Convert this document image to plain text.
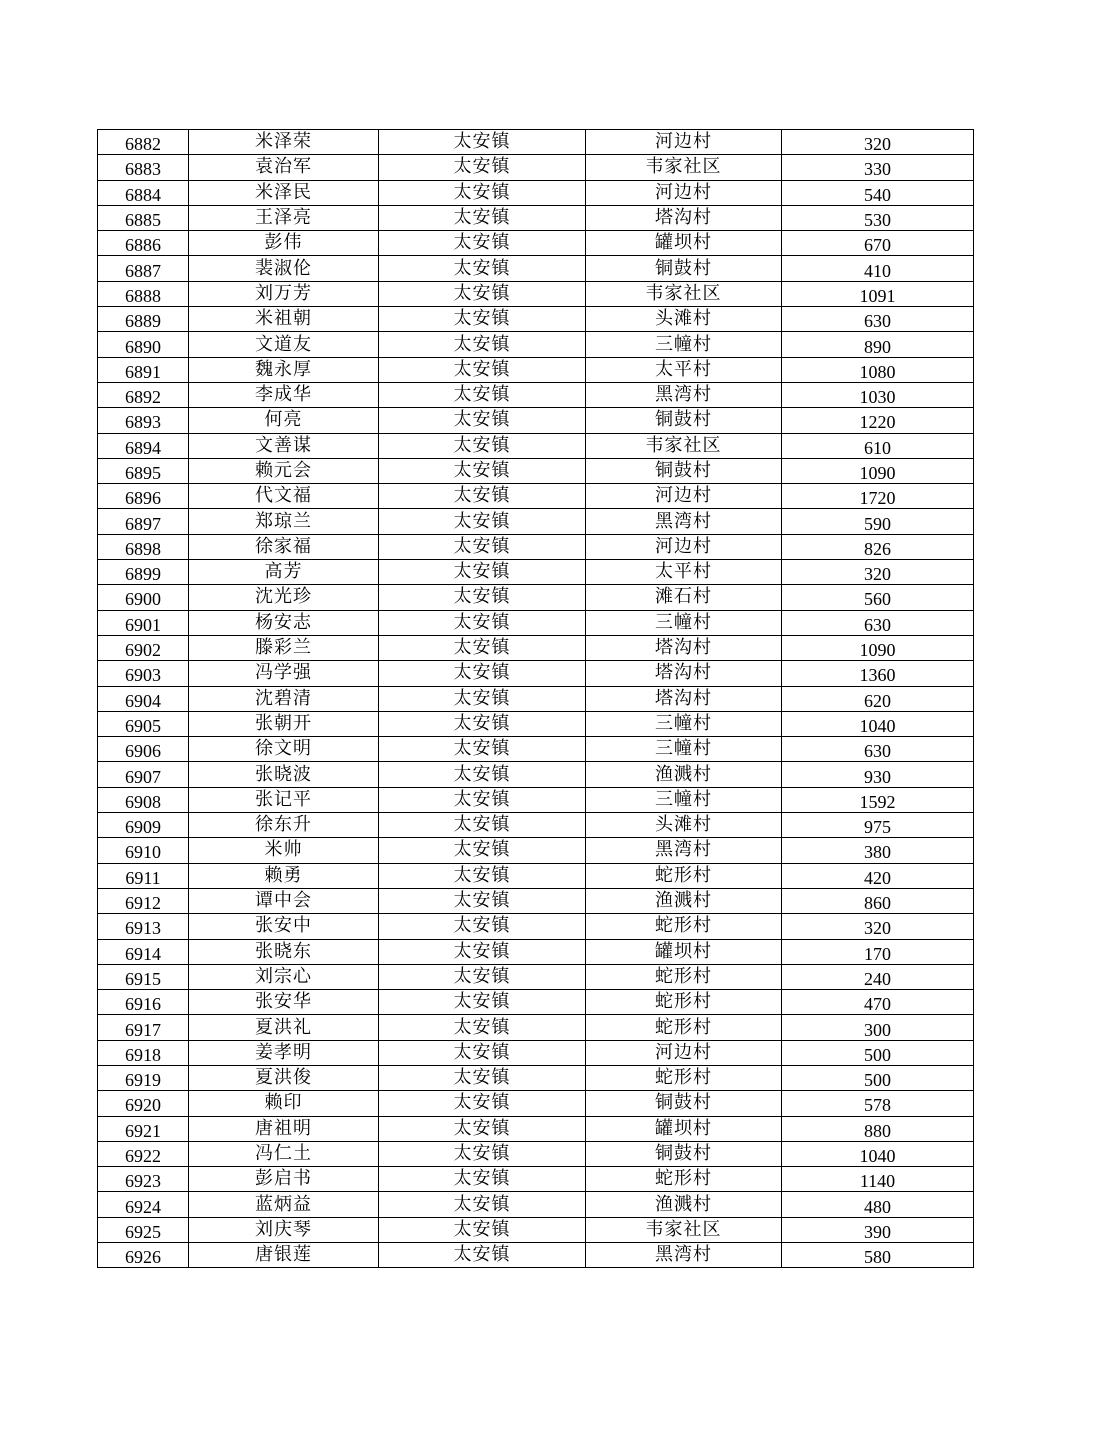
6882	米泽荣	太安镇	河边村	320
6883	袁治军	太安镇	韦家社区	330
6884	米泽民	太安镇	河边村	540
6885	王泽亮	太安镇	塔沟村	530
6886	彭伟	太安镇	罐坝村	670
6887	裴淑伦	太安镇	铜鼓村	410
6888	刘万芳	太安镇	韦家社区	1091
6889	米祖朝	太安镇	头滩村	630
6890	文道友	太安镇	三幢村	890
6891	魏永厚	太安镇	太平村	1080
6892	李成华	太安镇	黑湾村	1030
6893	何亮	太安镇	铜鼓村	1220
6894	文善谋	太安镇	韦家社区	610
6895	赖元会	太安镇	铜鼓村	1090
6896	代文福	太安镇	河边村	1720
6897	郑琼兰	太安镇	黑湾村	590
6898	徐家福	太安镇	河边村	826
6899	高芳	太安镇	太平村	320
6900	沈光珍	太安镇	滩石村	560
6901	杨安志	太安镇	三幢村	630
6902	滕彩兰	太安镇	塔沟村	1090
6903	冯学强	太安镇	塔沟村	1360
6904	沈碧清	太安镇	塔沟村	620
6905	张朝开	太安镇	三幢村	1040
6906	徐文明	太安镇	三幢村	630
6907	张晓波	太安镇	渔溅村	930
6908	张记平	太安镇	三幢村	1592
6909	徐东升	太安镇	头滩村	975
6910	米帅	太安镇	黑湾村	380
6911	赖勇	太安镇	蛇形村	420
6912	谭中会	太安镇	渔溅村	860
6913	张安中	太安镇	蛇形村	320
6914	张晓东	太安镇	罐坝村	170
6915	刘宗心	太安镇	蛇形村	240
6916	张安华	太安镇	蛇形村	470
6917	夏洪礼	太安镇	蛇形村	300
6918	姜孝明	太安镇	河边村	500
6919	夏洪俊	太安镇	蛇形村	500
6920	赖印	太安镇	铜鼓村	578
6921	唐祖明	太安镇	罐坝村	880
6922	冯仁土	太安镇	铜鼓村	1040
6923	彭启书	太安镇	蛇形村	1140
6924	蓝炳益	太安镇	渔溅村	480
6925	刘庆琴	太安镇	韦家社区	390
6926	唐银莲	太安镇	黑湾村	580
